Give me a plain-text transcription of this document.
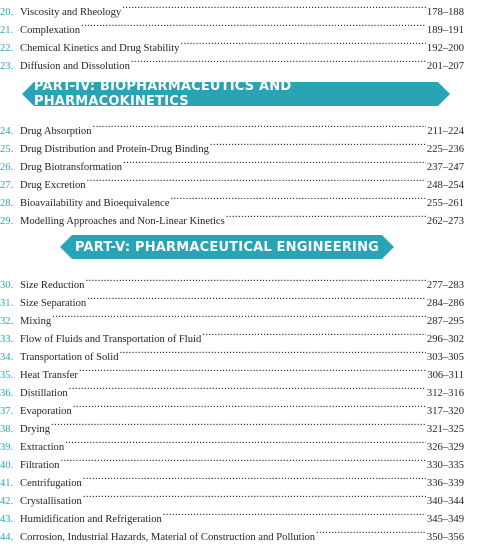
20. Viscosity and Rheology .....	178–188
21. Complexation .....	189–191
22. Chemical Kinetics and Drug Stability .....	192–200
23. Diffusion and Dissolution .....	201–207
PART-IV: BIOPHARMACEUTICS AND PHARMACOKINETICS
24. Drug Absorption .....	211–224
25. Drug Distribution and Protein-Drug Binding .....	225–236
26. Drug Biotransformation .....	237–247
27. Drug Excretion .....	248–254
28. Bioavailability and Bioequivalence .....	255–261
29. Modelling Approaches and Non-Linear Kinetics .....	262–273
PART-V: PHARMACEUTICAL ENGINEERING
30. Size Reduction .....	277–283
31. Size Separation .....	284–286
32. Mixing .....	287–295
33. Flow of Fluids and Transportation of Fluid .....	296–302
34. Transportation of Solid .....	303–305
35. Heat Transfer .....	306–311
36. Distillation .....	312–316
37. Evaporation .....	317–320
38. Drying .....	321–325
39. Extraction .....	326–329
40. Filtration .....	330–335
41. Centrifugation .....	336–339
42. Crystallisation .....	340–344
43. Humidification and Refrigeration .....	345–349
44. Corrosion, Industrial Hazards, Material of Construction and Pollution .....	350–356
